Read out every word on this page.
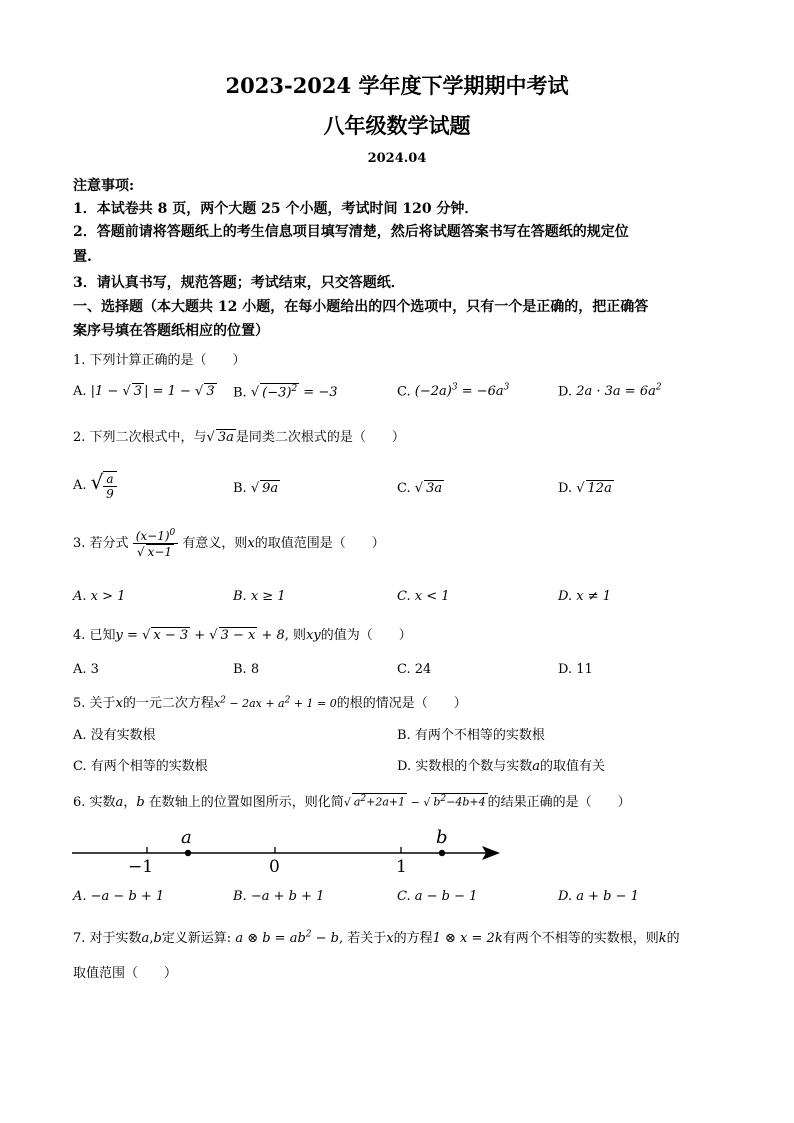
2023-2024 学年度下学期期中考试
八年级数学试题
2024.04
注意事项:
1．本试卷共 8 页，两个大题 25 个小题，考试时间 120 分钟．
2．答题前请将答题纸上的考生信息项目填写清楚，然后将试题答案书写在答题纸的规定位
置.
3．请认真书写，规范答题；考试结束，只交答题纸．
一、选择题（本大题共 12 小题，在每小题给出的四个选项中，只有一个是正确的，把正确答
案序号填在答题纸相应的位置）
1. 下列计算正确的是（　　）
A. |1 − √ 3 | = 1 − √ 3 B. √ $(-3)^2 = -3$	C. $(-2a)^3 = -6a^3$	D. $2a \cdot 3a = 6a^2$
2. 下列二次根式中，与√ 3a 是同类二次根式的是（　　）
A. √ $\frac{a}{9}$	B. √ 9a	C. √ 3a	D. √ 12a
3. 若分式 $\frac{(x-1)^0}{√ x-1}$ 有意义，则x的取值范围是（　　）
A. x > 1	B. x ≥ 1	C. x < 1	D. x ≠ 1
4. 已知y = √ x − 3 + √ 3 − x + 8, 则xy的值为（　　）
A. 3	B. 8	C. 24	D. 11
5. 关于x的一元二次方程$x^2 - 2ax + a^2 + 1 = 0$的根的情况是（　　）
A. 没有实数根	B. 有两个不相等的实数根
C. 有两个相等的实数根	D. 实数根的个数与实数a的取值有关
6. 实数a，b 在数轴上的位置如图所示，则化简√ $a^2+2a+1$ − √ $b^2-4b+4$ 的结果正确的是（　　）
−1	0	1
a	b
A. −a − b + 1	B. −a + b + 1	C. a − b − 1	D. a + b − 1
7. 对于实数a,b定义新运算: a ⊗ $b = ab^2 - b$, 若关于x的方程1 ⊗ x = 2k有两个不相等的实数根，则k的
取值范围（　　）
